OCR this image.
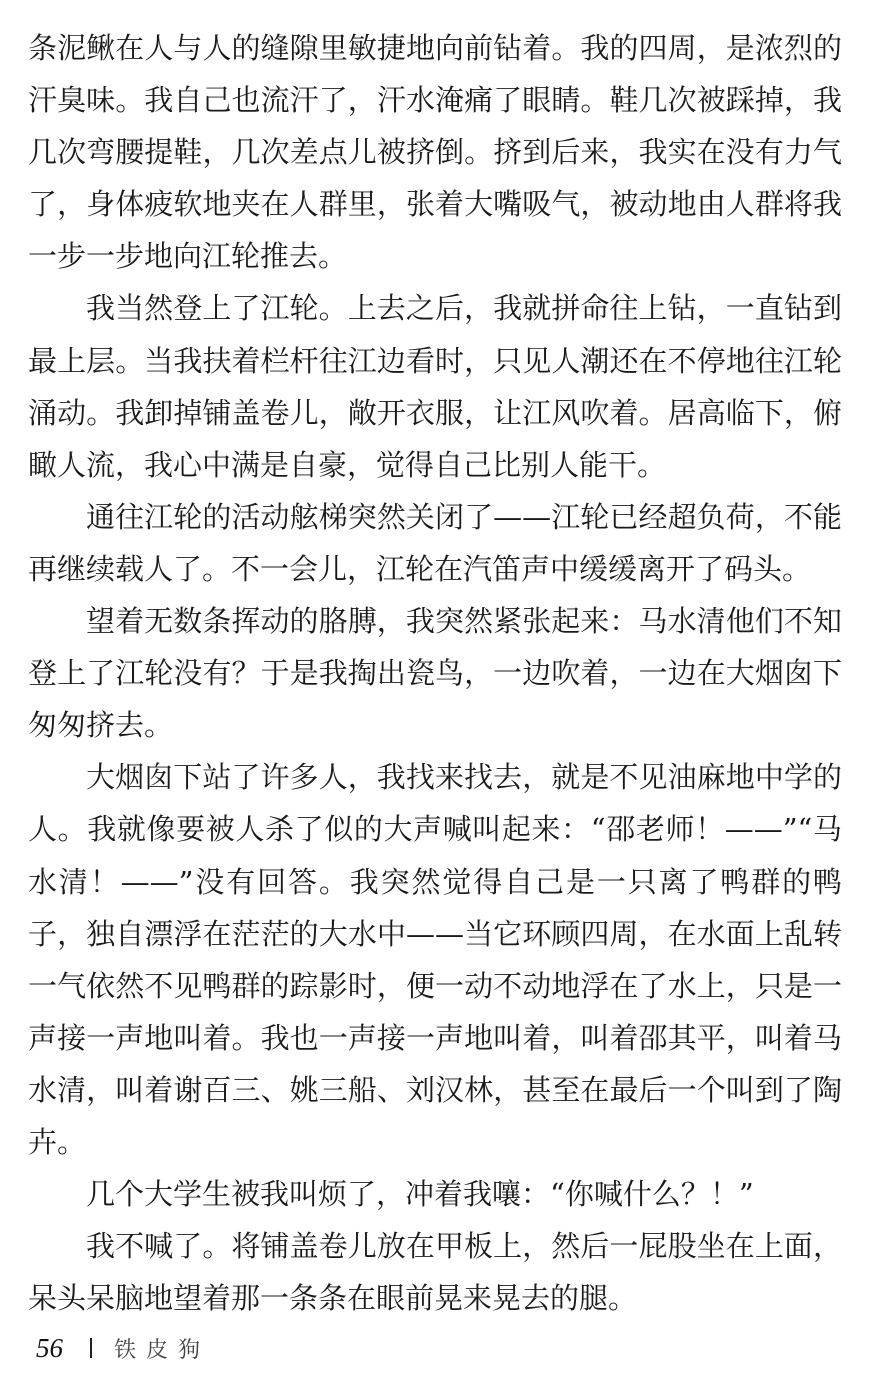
条泥鳅在人与人的缝隙里敏捷地向前钻着。我的四周，是浓烈的汗臭味。我自己也流汗了，汗水淹痛了眼睛。鞋几次被踩掉，我几次弯腰提鞋，几次差点儿被挤倒。挤到后来，我实在没有力气了，身体疲软地夹在人群里，张着大嘴吸气，被动地由人群将我一步一步地向江轮推去。

我当然登上了江轮。上去之后，我就拼命往上钻，一直钻到最上层。当我扶着栏杆往江边看时，只见人潮还在不停地往江轮涌动。我卸掉铺盖卷儿，敞开衣服，让江风吹着。居高临下，俯瞰人流，我心中满是自豪，觉得自己比别人能干。

通往江轮的活动舷梯突然关闭了——江轮已经超负荷，不能再继续载人了。不一会儿，江轮在汽笛声中缓缓离开了码头。

望着无数条挥动的胳膊，我突然紧张起来：马水清他们不知登上了江轮没有？于是我掏出瓷鸟，一边吹着，一边在大烟囱下匆匆挤去。

大烟囱下站了许多人，我找来找去，就是不见油麻地中学的人。我就像要被人杀了似的大声喊叫起来：“邵老师！——”“马水清！——”没有回答。我突然觉得自己是一只离了鸭群的鸭子，独自漂浮在茫茫的大水中——当它环顾四周，在水面上乱转一气依然不见鸭群的踪影时，便一动不动地浮在了水上，只是一声接一声地叫着。我也一声接一声地叫着，叫着邵其平，叫着马水清，叫着谢百三、姚三船、刘汉林，甚至在最后一个叫到了陶卉。

几个大学生被我叫烦了，冲着我嚷：“你喊什么？！”

我不喊了。将铺盖卷儿放在甲板上，然后一屁股坐在上面，呆头呆脑地望着那一条条在眼前晃来晃去的腿。

56	铁皮狗
